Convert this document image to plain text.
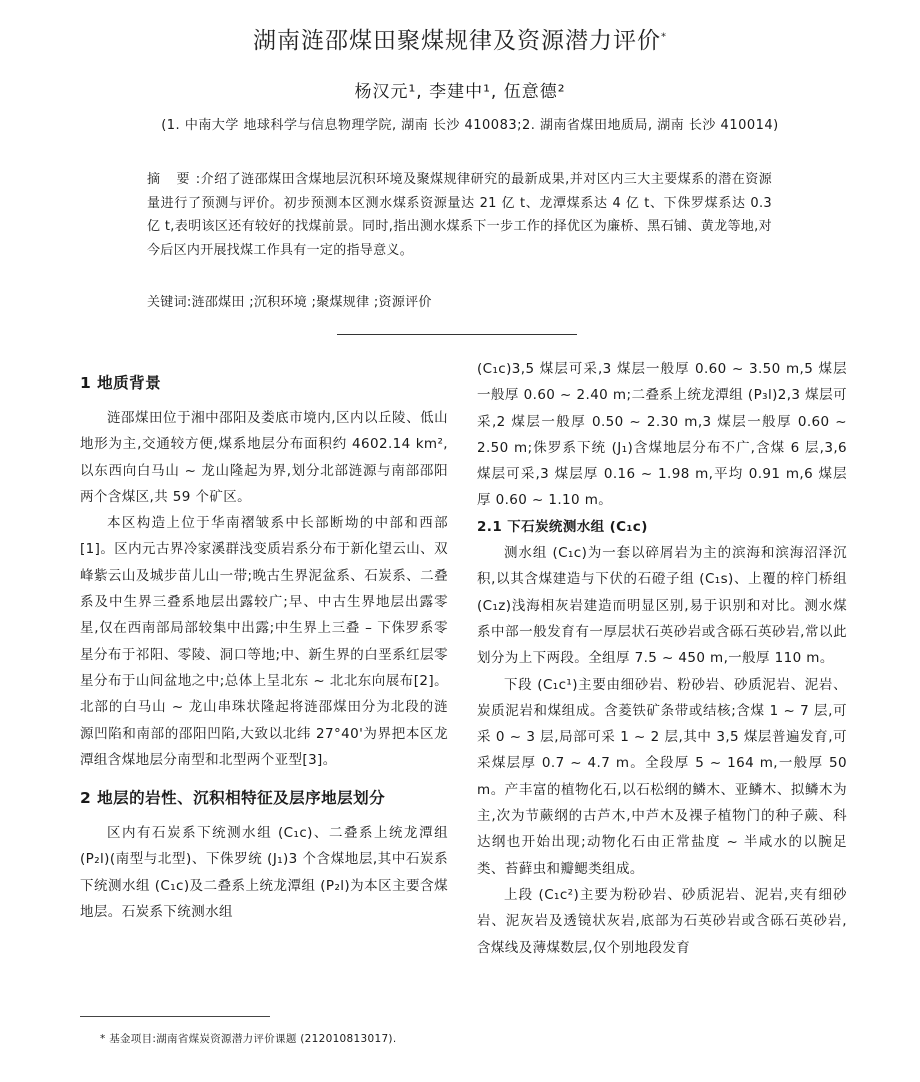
湖南涟邵煤田聚煤规律及资源潜力评价*
杨汉元¹, 李建中¹, 伍意德²
(1. 中南大学 地球科学与信息物理学院, 湖南 长沙 410083;2. 湖南省煤田地质局, 湖南 长沙 410014)
摘 要:介绍了涟邵煤田含煤地层沉积环境及聚煤规律研究的最新成果,并对区内三大主要煤系的潜在资源量进行了预测与评价。初步预测本区测水煤系资源量达 21 亿 t、龙潭煤系达 4 亿 t、下侏罗煤系达 0.3 亿 t,表明该区还有较好的找煤前景。同时,指出测水煤系下一步工作的择优区为廉桥、黑石铺、黄龙等地,对今后区内开展找煤工作具有一定的指导意义。
关键词:涟邵煤田 ;沉积环境 ;聚煤规律 ;资源评价
1 地质背景

涟邵煤田位于湘中邵阳及娄底市境内,区内以丘陵、低山地形为主,交通较方便,煤系地层分布面积约 4602.14 km²,以东西向白马山 ~ 龙山隆起为界,划分北部涟源与南部邵阳两个含煤区,共 59 个矿区。

本区构造上位于华南褶皱系中长部断坳的中部和西部[1]。区内元古界冷家溪群浅变质岩系分布于新化望云山、双峰紫云山及城步苗儿山一带;晚古生界泥盆系、石炭系、二叠系及中生界三叠系地层出露较广;早、中古生界地层出露零星,仅在西南部局部较集中出露;中生界上三叠 – 下侏罗系零星分布于祁阳、零陵、洞口等地;中、新生界的白垩系红层零星分布于山间盆地之中;总体上呈北东 ~ 北北东向展布[2]。北部的白马山 ~ 龙山串珠状隆起将涟邵煤田分为北段的涟源凹陷和南部的邵阳凹陷,大致以北纬 27°40'为界把本区龙潭组含煤地层分南型和北型两个亚型[3]。

2 地层的岩性、沉积相特征及层序地层划分

区内有石炭系下统测水组 (C₁c)、二叠系上统龙潭组 (P₂l)(南型与北型)、下侏罗统 (J₁)3 个含煤地层,其中石炭系下统测水组 (C₁c)及二叠系上统龙潭组 (P₂l)为本区主要含煤地层。石炭系下统测水组

(C₁c)3,5 煤层可采,3 煤层一般厚 0.60 ~ 3.50 m,5 煤层一般厚 0.60 ~ 2.40 m;二叠系上统龙潭组 (P₃l)2,3 煤层可采,2 煤层一般厚 0.50 ~ 2.30 m,3 煤层一般厚 0.60 ~ 2.50 m;侏罗系下统 (J₁)含煤地层分布不广,含煤 6 层,3,6 煤层可采,3 煤层厚 0.16 ~ 1.98 m,平均 0.91 m,6 煤层厚 0.60 ~ 1.10 m。

2.1 下石炭统测水组 (C₁c)

测水组 (C₁c)为一套以碎屑岩为主的滨海和滨海沼泽沉积,以其含煤建造与下伏的石磴子组 (C₁s)、上覆的梓门桥组 (C₁z)浅海相灰岩建造而明显区别,易于识别和对比。测水煤系中部一般发育有一厚层状石英砂岩或含砾石英砂岩,常以此划分为上下两段。全组厚 7.5 ~ 450 m,一般厚 110 m。

下段 (C₁c¹)主要由细砂岩、粉砂岩、砂质泥岩、泥岩、炭质泥岩和煤组成。含菱铁矿条带或结核;含煤 1 ~ 7 层,可采 0 ~ 3 层,局部可采 1 ~ 2 层,其中 3,5 煤层普遍发育,可采煤层厚 0.7 ~ 4.7 m。全段厚 5 ~ 164 m,一般厚 50 m。产丰富的植物化石,以石松纲的鳞木、亚鳞木、拟鳞木为主,次为节蕨纲的古芦木,中芦木及裸子植物门的种子蕨、科达纲也开始出现;动物化石由正常盐度 ~ 半咸水的以腕足类、苔藓虫和瓣鳃类组成。

上段 (C₁c²)主要为粉砂岩、砂质泥岩、泥岩,夹有细砂岩、泥灰岩及透镜状灰岩,底部为石英砂岩或含砾石英砂岩,含煤线及薄煤数层,仅个别地段发育

* 基金项目:湖南省煤炭资源潜力评价课题 (212010813017).
